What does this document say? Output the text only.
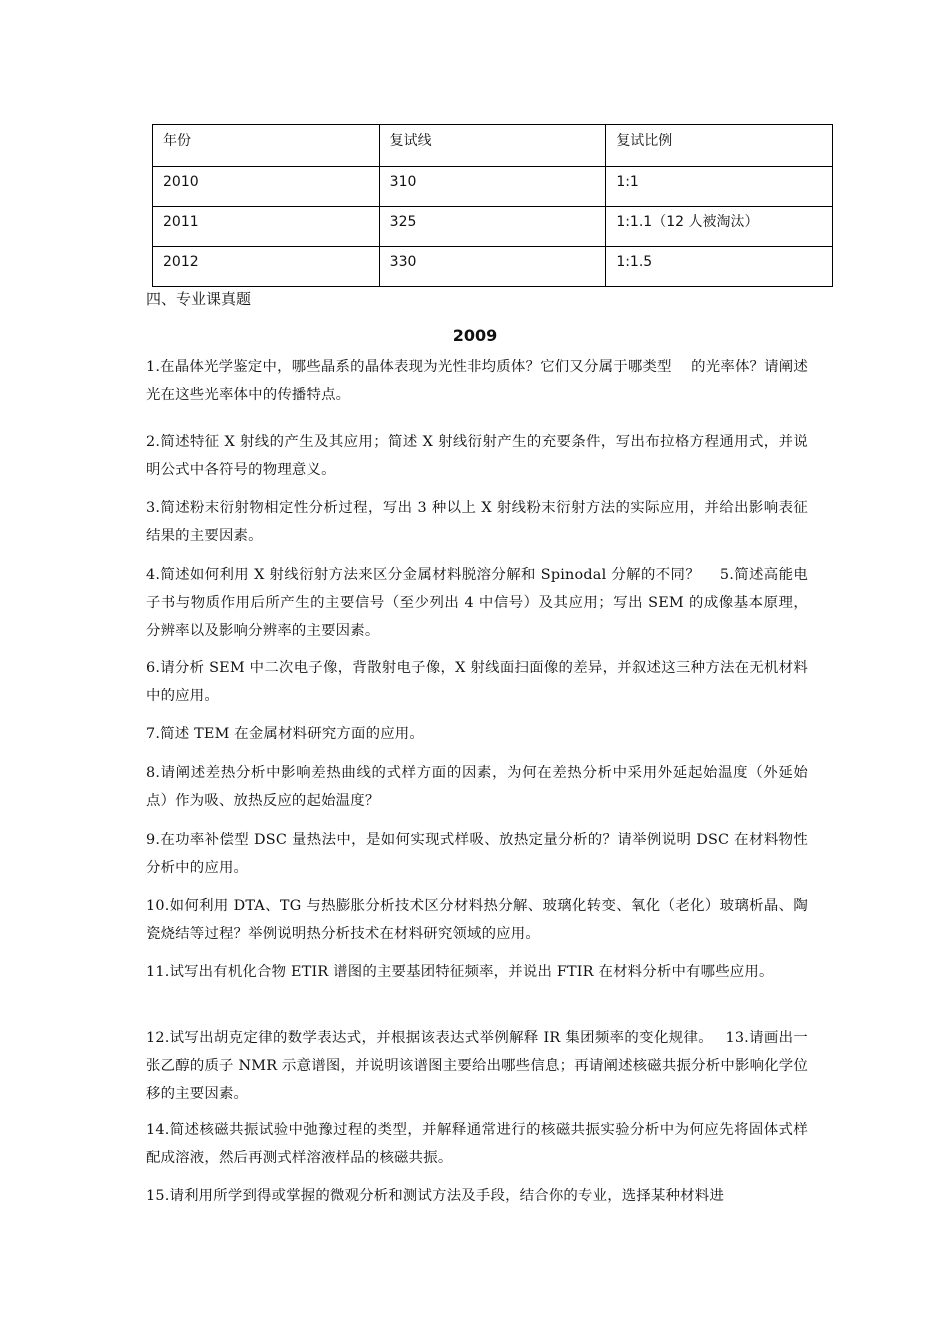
年份	复试线	复试比例
2010	310	1:1
2011	325	1:1.1（12 人被淘汰）
2012	330	1:1.5
四、专业课真题
2009

1.在晶体光学鉴定中，哪些晶系的晶体表现为光性非均质体？它们又分属于哪类型　 的光率体？请阐述光在这些光率体中的传播特点。

2.简述特征 X 射线的产生及其应用；简述 X 射线衍射产生的充要条件，写出布拉格方程通用式，并说明公式中各符号的物理意义。

3.简述粉末衍射物相定性分析过程，写出 3 种以上 X 射线粉末衍射方法的实际应用，并给出影响表征结果的主要因素。

4.简述如何利用 X 射线衍射方法来区分金属材料脱溶分解和 Spinodal 分解的不同？　 5.简述高能电子书与物质作用后所产生的主要信号（至少列出 4 中信号）及其应用；写出 SEM 的成像基本原理，分辨率以及影响分辨率的主要因素。

6.请分析 SEM 中二次电子像，背散射电子像，X 射线面扫面像的差异，并叙述这三种方法在无机材料中的应用。

7.简述 TEM 在金属材料研究方面的应用。

8.请阐述差热分析中影响差热曲线的式样方面的因素，为何在差热分析中采用外延起始温度（外延始点）作为吸、放热反应的起始温度？

9.在功率补偿型 DSC 量热法中，是如何实现式样吸、放热定量分析的？请举例说明 DSC 在材料物性分析中的应用。

10.如何利用 DTA、TG 与热膨胀分析技术区分材料热分解、玻璃化转变、氧化（老化）玻璃析晶、陶瓷烧结等过程？举例说明热分析技术在材料研究领域的应用。

11.试写出有机化合物 ETIR 谱图的主要基团特征频率，并说出 FTIR 在材料分析中有哪些应用。

12.试写出胡克定律的数学表达式，并根据该表达式举例解释 IR 集团频率的变化规律。　 13.请画出一张乙醇的质子 NMR 示意谱图，并说明该谱图主要给出哪些信息；再请阐述核磁共振分析中影响化学位移的主要因素。

14.简述核磁共振试验中弛豫过程的类型，并解释通常进行的核磁共振实验分析中为何应先将固体式样配成溶液，然后再测式样溶液样品的核磁共振。

15.请利用所学到得或掌握的微观分析和测试方法及手段，结合你的专业，选择某种材料进
